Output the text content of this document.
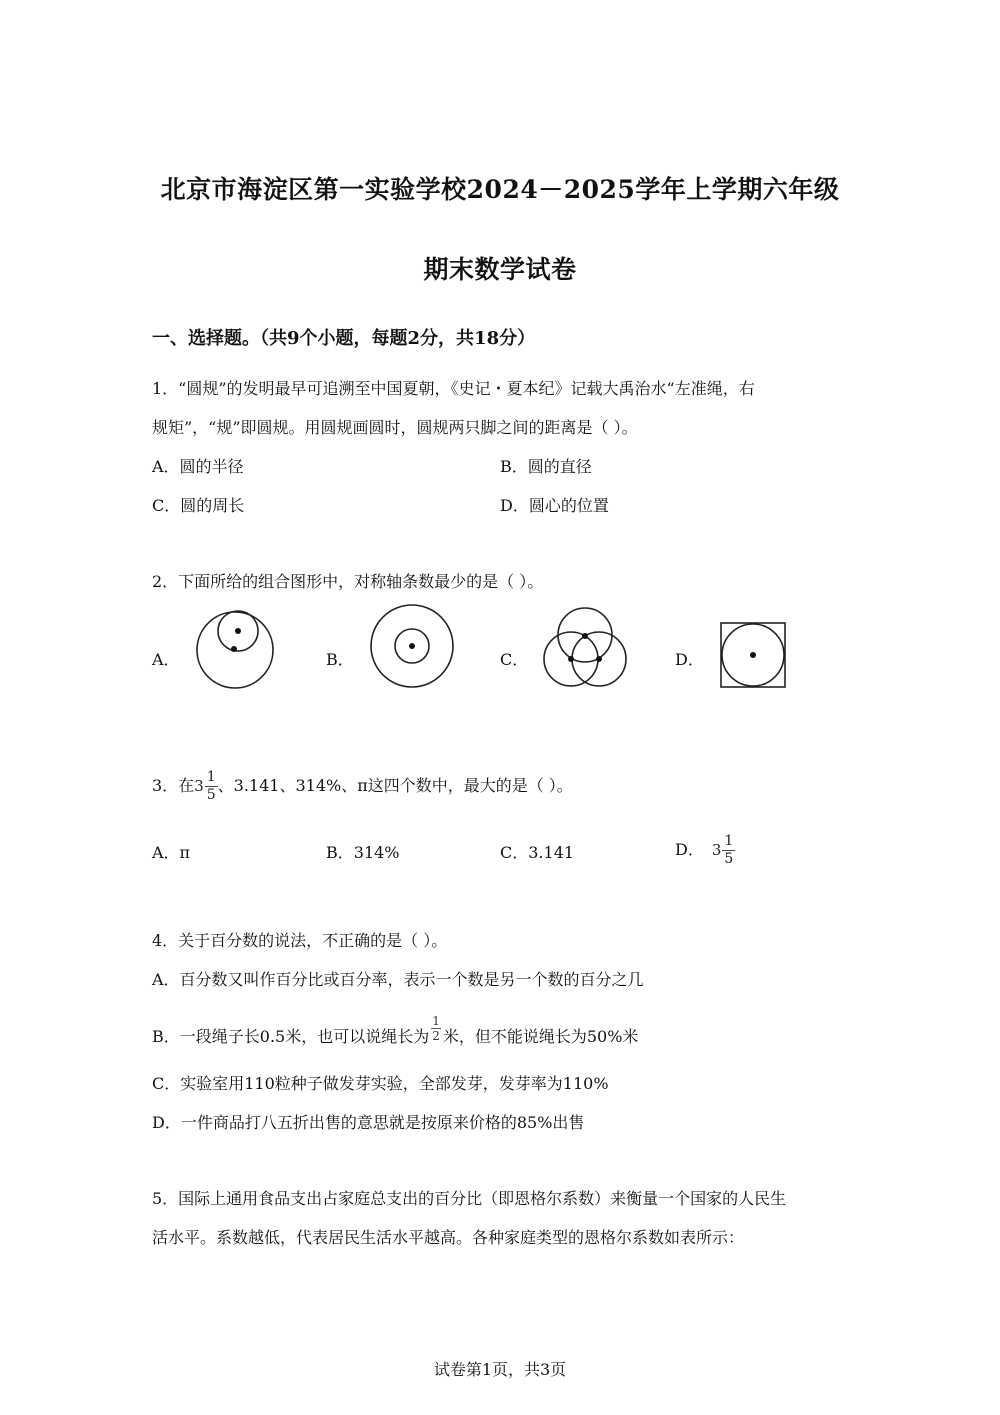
北京市海淀区第一实验学校2024－2025学年上学期六年级
期末数学试卷
一、选择题。（共9个小题，每题2分，共18分）
1．“圆规”的发明最早可追溯至中国夏朝，《史记・夏本纪》记载大禹治水“左准绳，右
规矩”，“规”即圆规。用圆规画圆时，圆规两只脚之间的距离是（ ）。
A．圆的半径	B．圆的直径
C．圆的周长	D．圆心的位置
2．下面所给的组合图形中，对称轴条数最少的是（ ）。
A．	B．	C．	D．
3．在 $3 \frac{1}{5}$ 、3.141、314%、π这四个数中，最大的是（ ）。
A．π	B．314%	C．3.141	D． $3 \frac{1}{5}$
4．关于百分数的说法，不正确的是（ ）。
A．百分数又叫作百分比或百分率，表示一个数是另一个数的百分之几
B．一段绳子长0.5米，也可以说绳长为 $\frac{1}{2}$ 米，但不能说绳长为50%米
C．实验室用110粒种子做发芽实验，全部发芽，发芽率为110%
D．一件商品打八五折出售的意思就是按原来价格的85%出售
5．国际上通用食品支出占家庭总支出的百分比（即恩格尔系数）来衡量一个国家的人民生
活水平。系数越低，代表居民生活水平越高。各种家庭类型的恩格尔系数如表所示：
试卷第1页，共3页
